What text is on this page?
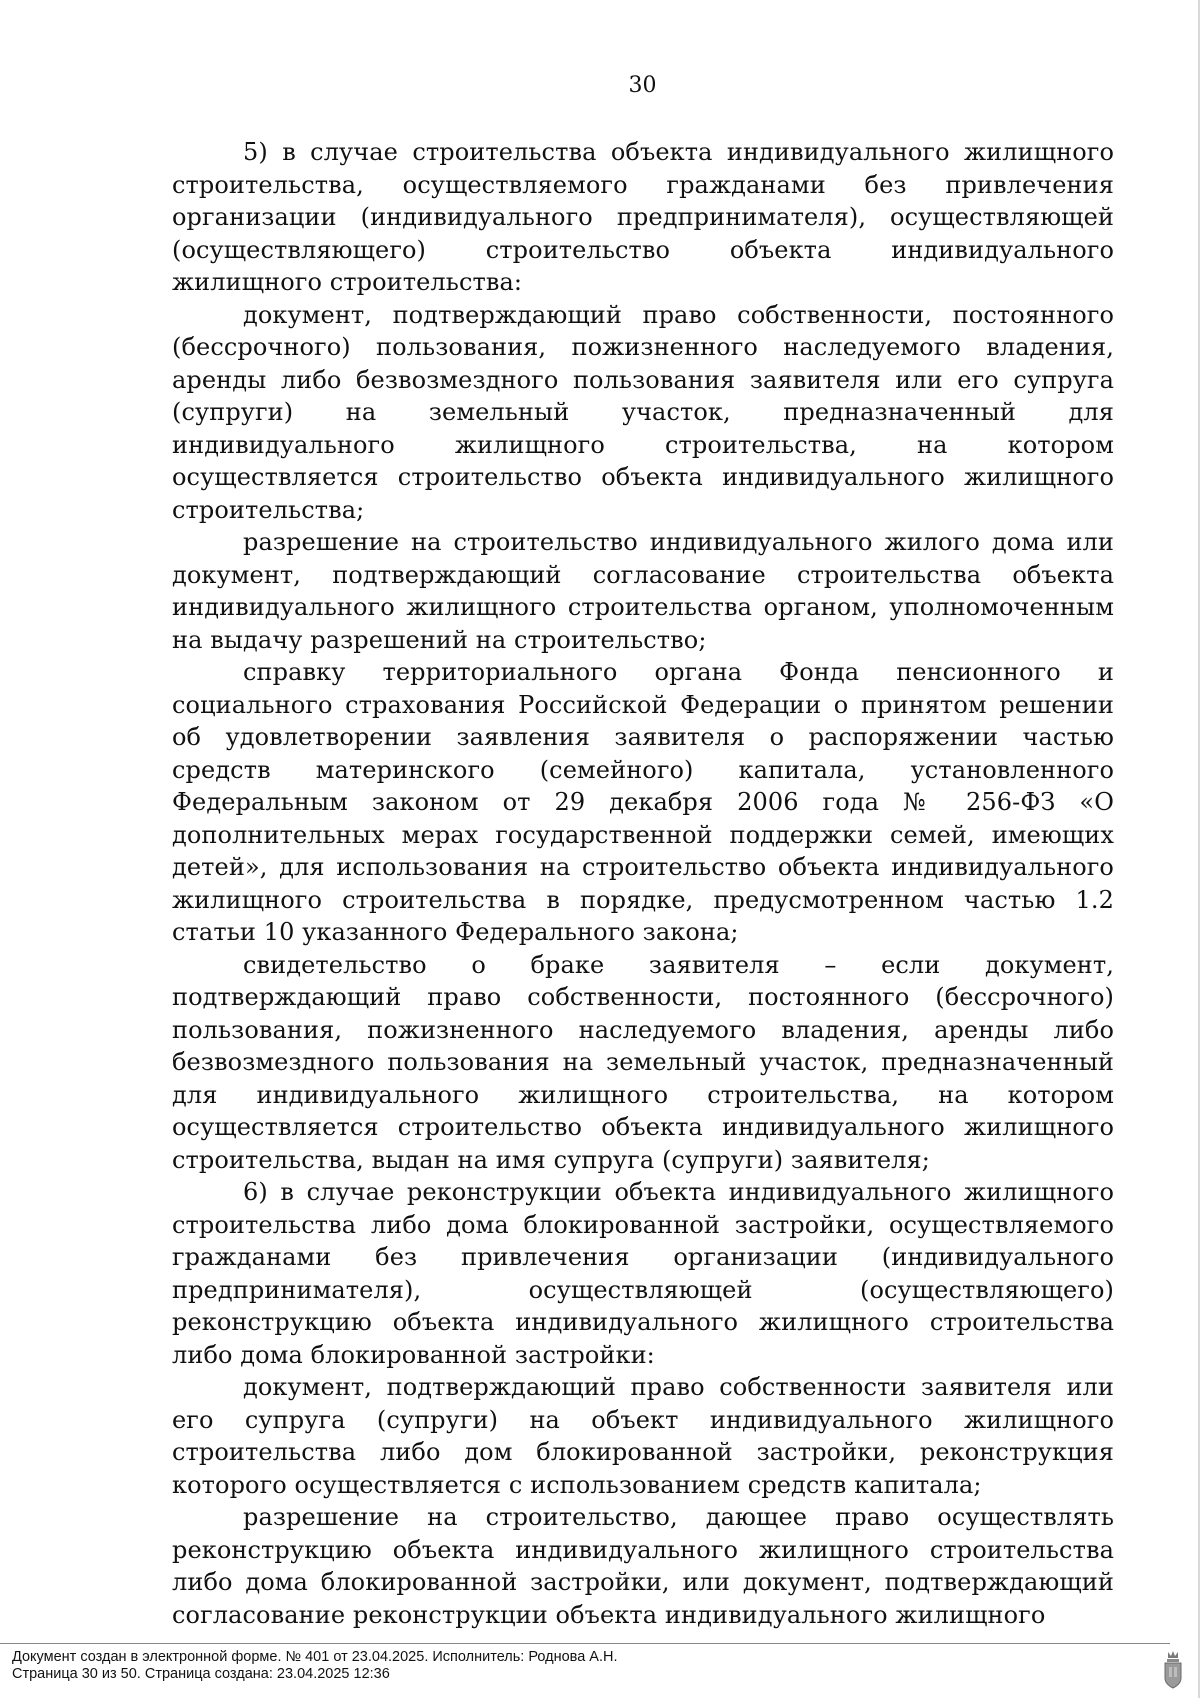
30

5) в случае строительства объекта индивидуального жилищного строительства, осуществляемого гражданами без привлечения организации (индивидуального предпринимателя), осуществляющей (осуществляющего) строительство объекта индивидуального жилищного строительства:

документ, подтверждающий право собственности, постоянного (бессрочного) пользования, пожизненного наследуемого владения, аренды либо безвозмездного пользования заявителя или его супруга (супруги) на земельный участок, предназначенный для индивидуального жилищного строительства, на котором осуществляется строительство объекта индивидуального жилищного строительства;

разрешение на строительство индивидуального жилого дома или документ, подтверждающий согласование строительства объекта индивидуального жилищного строительства органом, уполномоченным на выдачу разрешений на строительство;

справку территориального органа Фонда пенсионного и социального страхования Российской Федерации о принятом решении об удовлетворении заявления заявителя о распоряжении частью средств материнского (семейного) капитала, установленного Федеральным законом от 29 декабря 2006 года № 256-ФЗ «О дополнительных мерах государственной поддержки семей, имеющих детей», для использования на строительство объекта индивидуального жилищного строительства в порядке, предусмотренном частью 1.2 статьи 10 указанного Федерального закона;

свидетельство о браке заявителя – если документ, подтверждающий право собственности, постоянного (бессрочного) пользования, пожизненного наследуемого владения, аренды либо безвозмездного пользования на земельный участок, предназначенный для индивидуального жилищного строительства, на котором осуществляется строительство объекта индивидуального жилищного строительства, выдан на имя супруга (супруги) заявителя;

6) в случае реконструкции объекта индивидуального жилищного строительства либо дома блокированной застройки, осуществляемого гражданами без привлечения организации (индивидуального предпринимателя), осуществляющей (осуществляющего) реконструкцию объекта индивидуального жилищного строительства либо дома блокированной застройки:

документ, подтверждающий право собственности заявителя или его супруга (супруги) на объект индивидуального жилищного строительства либо дом блокированной застройки, реконструкция которого осуществляется с использованием средств капитала;

разрешение на строительство, дающее право осуществлять реконструкцию объекта индивидуального жилищного строительства либо дома блокированной застройки, или документ, подтверждающий согласование реконструкции объекта индивидуального жилищного

Документ создан в электронной форме. № 401 от 23.04.2025. Исполнитель: Роднова А.Н.
Страница 30 из 50. Страница создана: 23.04.2025 12:36
